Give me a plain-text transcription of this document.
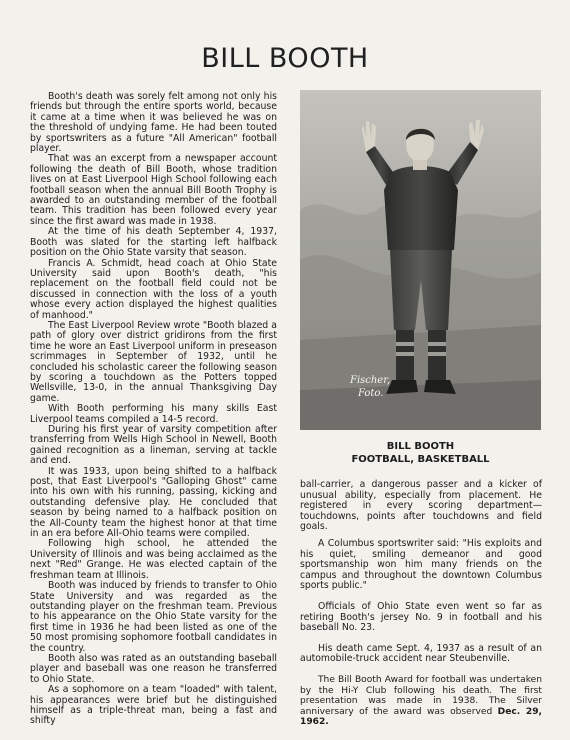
BILL BOOTH

Booth's death was sorely felt among not only his friends but through the entire sports world, because it came at a time when it was believed he was on the threshold of undying fame. He had been touted by sportswriters as a future "All American" football player.

That was an excerpt from a newspaper account following the death of Bill Booth, whose tradition lives on at East Liverpool High School following each football season when the annual Bill Booth Trophy is awarded to an outstanding member of the football team. This tradition has been followed every year since the first award was made in 1938.

At the time of his death September 4, 1937, Booth was slated for the starting left halfback position on the Ohio State varsity that season.

Francis A. Schmidt, head coach at Ohio State University said upon Booth's death, "his replacement on the football field could not be discussed in connection with the loss of a youth whose every action displayed the highest qualities of manhood."

The East Liverpool Review wrote "Booth blazed a path of glory over district gridirons from the first time he wore an East Liverpool uniform in preseason scrimmages in September of 1932, until he concluded his scholastic career the following season by scoring a touchdown as the Potters topped Wellsville, 13-0, in the annual Thanksgiving Day game.

With Booth performing his many skills East Liverpool teams compiled a 14-5 record.

During his first year of varsity competition after transferring from Wells High School in Newell, Booth gained recognition as a lineman, serving at tackle and end.

It was 1933, upon being shifted to a halfback post, that East Liverpool's "Galloping Ghost" came into his own with his running, passing, kicking and outstanding defensive play. He concluded that season by being named to a halfback position on the All-County team the highest honor at that time in an era before All-Ohio teams were compiled.

Following high school, he attended the University of Illinois and was being acclaimed as the next "Red" Grange. He was elected captain of the freshman team at Illinois.

Booth was induced by friends to transfer to Ohio State University and was regarded as the outstanding player on the freshman team. Previous to his appearance on the Ohio State varsity for the first time in 1936 he had been listed as one of the 50 most promising sophomore football candidates in the country.

Booth also was rated as an outstanding baseball player and baseball was one reason he transferred to Ohio State.

As a sophomore on a team "loaded" with talent, his appearances were brief but he distinguished himself as a triple-threat man, being a fast and shifty

Fischer,
Foto.
BILL BOOTH
FOOTBALL, BASKETBALL

ball-carrier, a dangerous passer and a kicker of unusual ability, especially from placement. He registered in every scoring department—touchdowns, points after touchdowns and field goals.

A Columbus sportswriter said: "His exploits and his quiet, smiling demeanor and good sportsmanship won him many friends on the campus and throughout the downtown Columbus sports public."

Officials of Ohio State even went so far as retiring Booth's jersey No. 9 in football and his baseball No. 23.

His death came Sept. 4, 1937 as a result of an automobile-truck accident near Steubenville.

The Bill Booth Award for football was undertaken by the Hi-Y Club following his death. The first presentation was made in 1938. The Silver anniversary of the award was observed Dec. 29, 1962.
